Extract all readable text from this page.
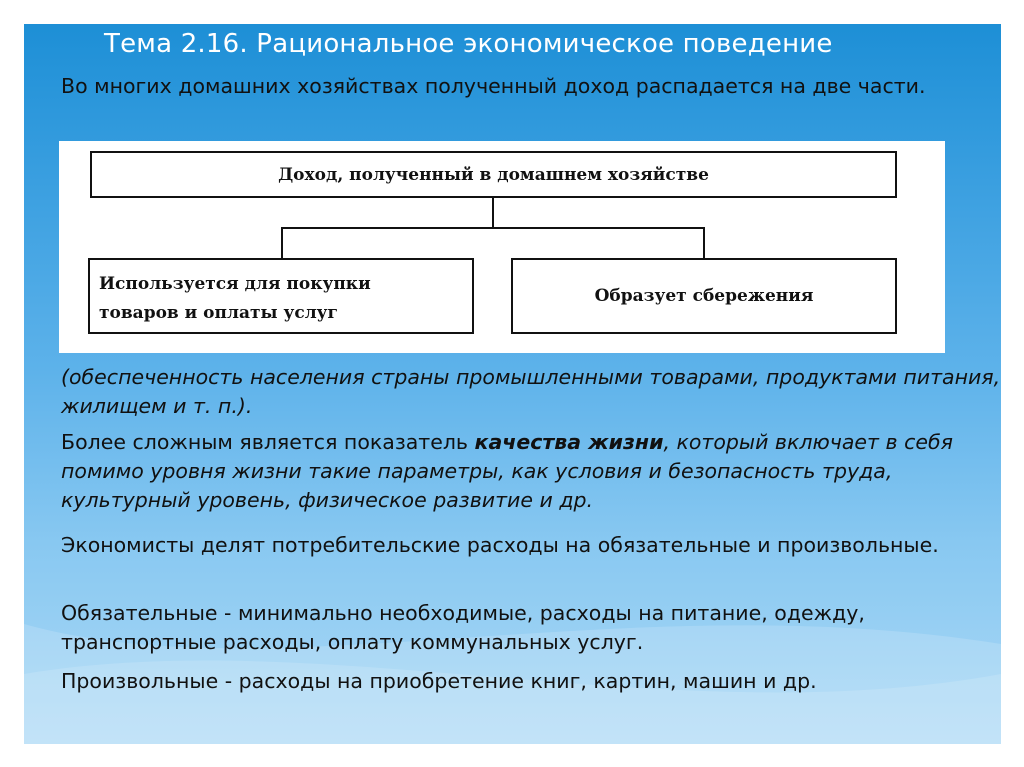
Тема 2.16. Рациональное экономическое поведение
Во многих домашних хозяйствах полученный доход распадается на две части.
Доход, полученный в домашнем хозяйстве
Используется для покупки
товаров и оплаты услуг
Образует сбережения
(обеспеченность населения страны промышленными товарами, продуктами питания, жилищем и т. п.).
Более сложным является показатель качества жизни, который включает в себя помимо уровня жизни такие параметры, как условия и безопасность труда, культурный уровень, физическое развитие и др.
Экономисты делят потребительские расходы на обязательные и произвольные.
Обязательные - минимально необходимые, расходы на питание, одежду, транспортные расходы, оплату коммунальных услуг.
Произвольные - расходы на приобретение книг, картин, машин и др.
